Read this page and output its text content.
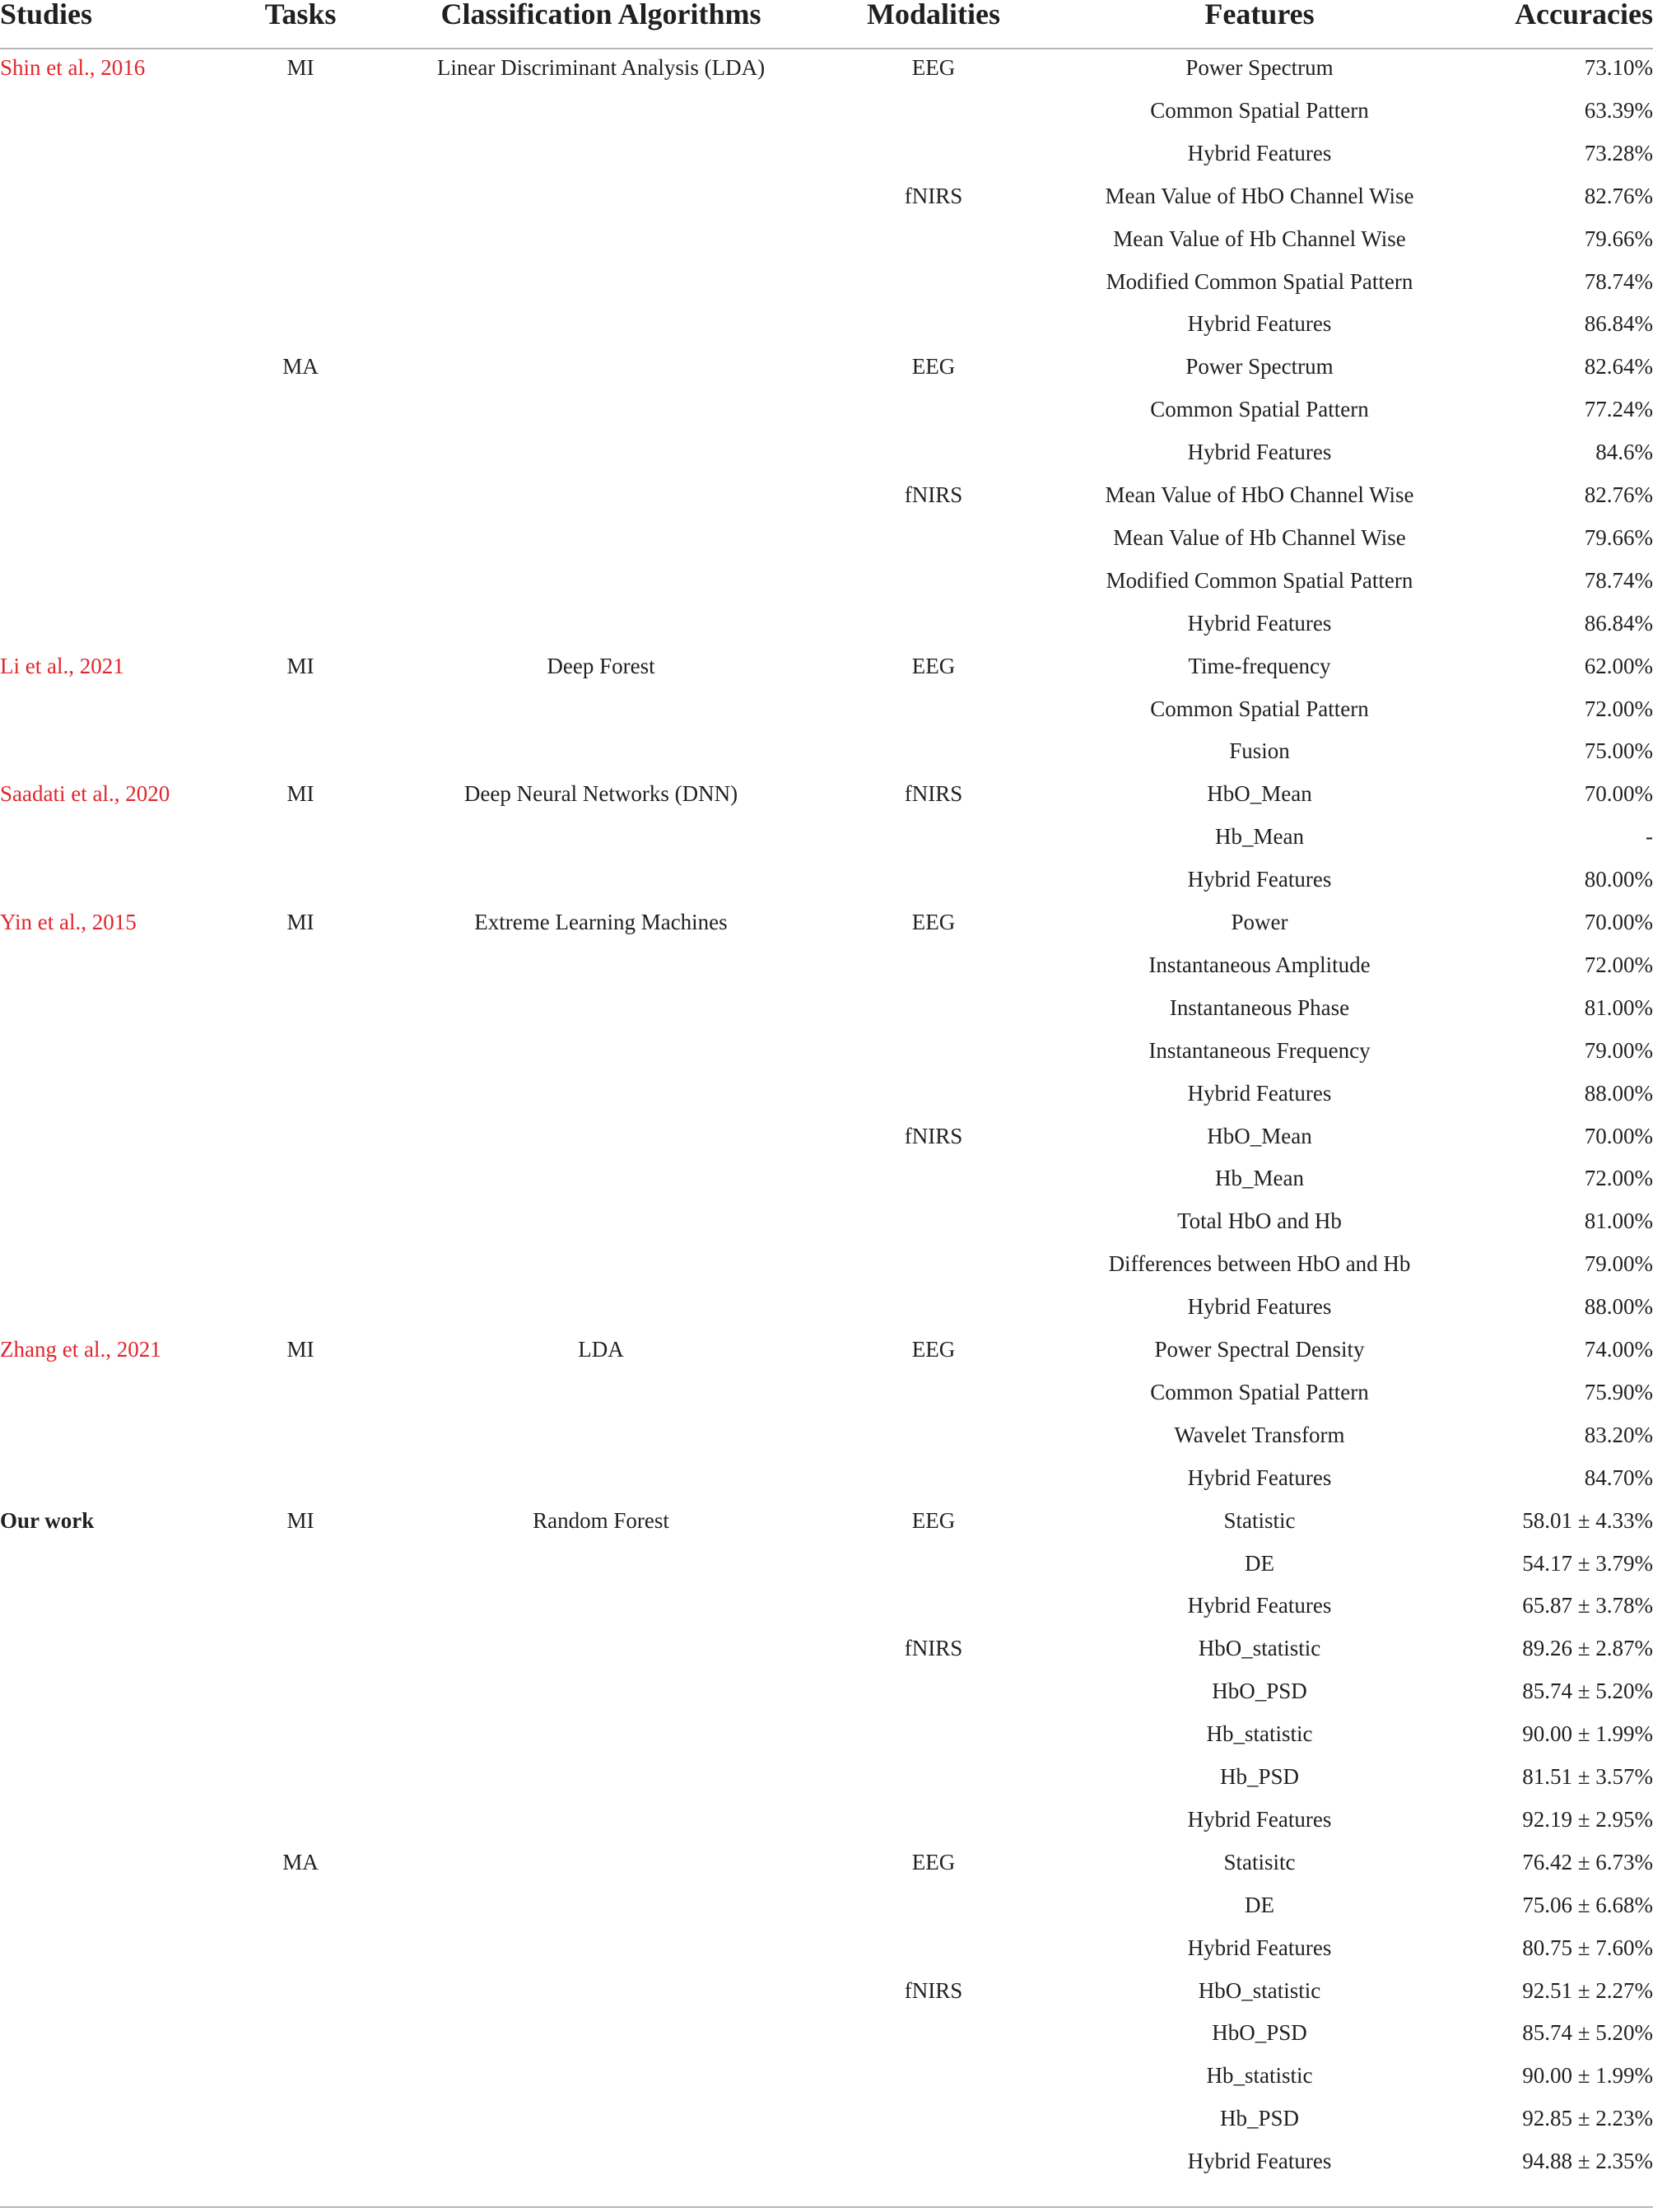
Studies	Tasks	Classification Algorithms	Modalities	Features	Accuracies
Shin et al., 2016	MI	Linear Discriminant Analysis (LDA)	EEG	Power Spectrum	73.10%
Common Spatial Pattern	63.39%
Hybrid Features	73.28%
fNIRS	Mean Value of HbO Channel Wise	82.76%
Mean Value of Hb Channel Wise	79.66%
Modified Common Spatial Pattern	78.74%
Hybrid Features	86.84%
MA	EEG	Power Spectrum	82.64%
Common Spatial Pattern	77.24%
Hybrid Features	84.6%
fNIRS	Mean Value of HbO Channel Wise	82.76%
Mean Value of Hb Channel Wise	79.66%
Modified Common Spatial Pattern	78.74%
Hybrid Features	86.84%
Li et al., 2021	MI	Deep Forest	EEG	Time-frequency	62.00%
Common Spatial Pattern	72.00%
Fusion	75.00%
Saadati et al., 2020	MI	Deep Neural Networks (DNN)	fNIRS	HbO_Mean	70.00%
Hb_Mean	-
Hybrid Features	80.00%
Yin et al., 2015	MI	Extreme Learning Machines	EEG	Power	70.00%
Instantaneous Amplitude	72.00%
Instantaneous Phase	81.00%
Instantaneous Frequency	79.00%
Hybrid Features	88.00%
fNIRS	HbO_Mean	70.00%
Hb_Mean	72.00%
Total HbO and Hb	81.00%
Differences between HbO and Hb	79.00%
Hybrid Features	88.00%
Zhang et al., 2021	MI	LDA	EEG	Power Spectral Density	74.00%
Common Spatial Pattern	75.90%
Wavelet Transform	83.20%
Hybrid Features	84.70%
Our work	MI	Random Forest	EEG	Statistic	58.01 ± 4.33%
DE	54.17 ± 3.79%
Hybrid Features	65.87 ± 3.78%
fNIRS	HbO_statistic	89.26 ± 2.87%
HbO_PSD	85.74 ± 5.20%
Hb_statistic	90.00 ± 1.99%
Hb_PSD	81.51 ± 3.57%
Hybrid Features	92.19 ± 2.95%
MA	EEG	Statisitc	76.42 ± 6.73%
DE	75.06 ± 6.68%
Hybrid Features	80.75 ± 7.60%
fNIRS	HbO_statistic	92.51 ± 2.27%
HbO_PSD	85.74 ± 5.20%
Hb_statistic	90.00 ± 1.99%
Hb_PSD	92.85 ± 2.23%
Hybrid Features	94.88 ± 2.35%
